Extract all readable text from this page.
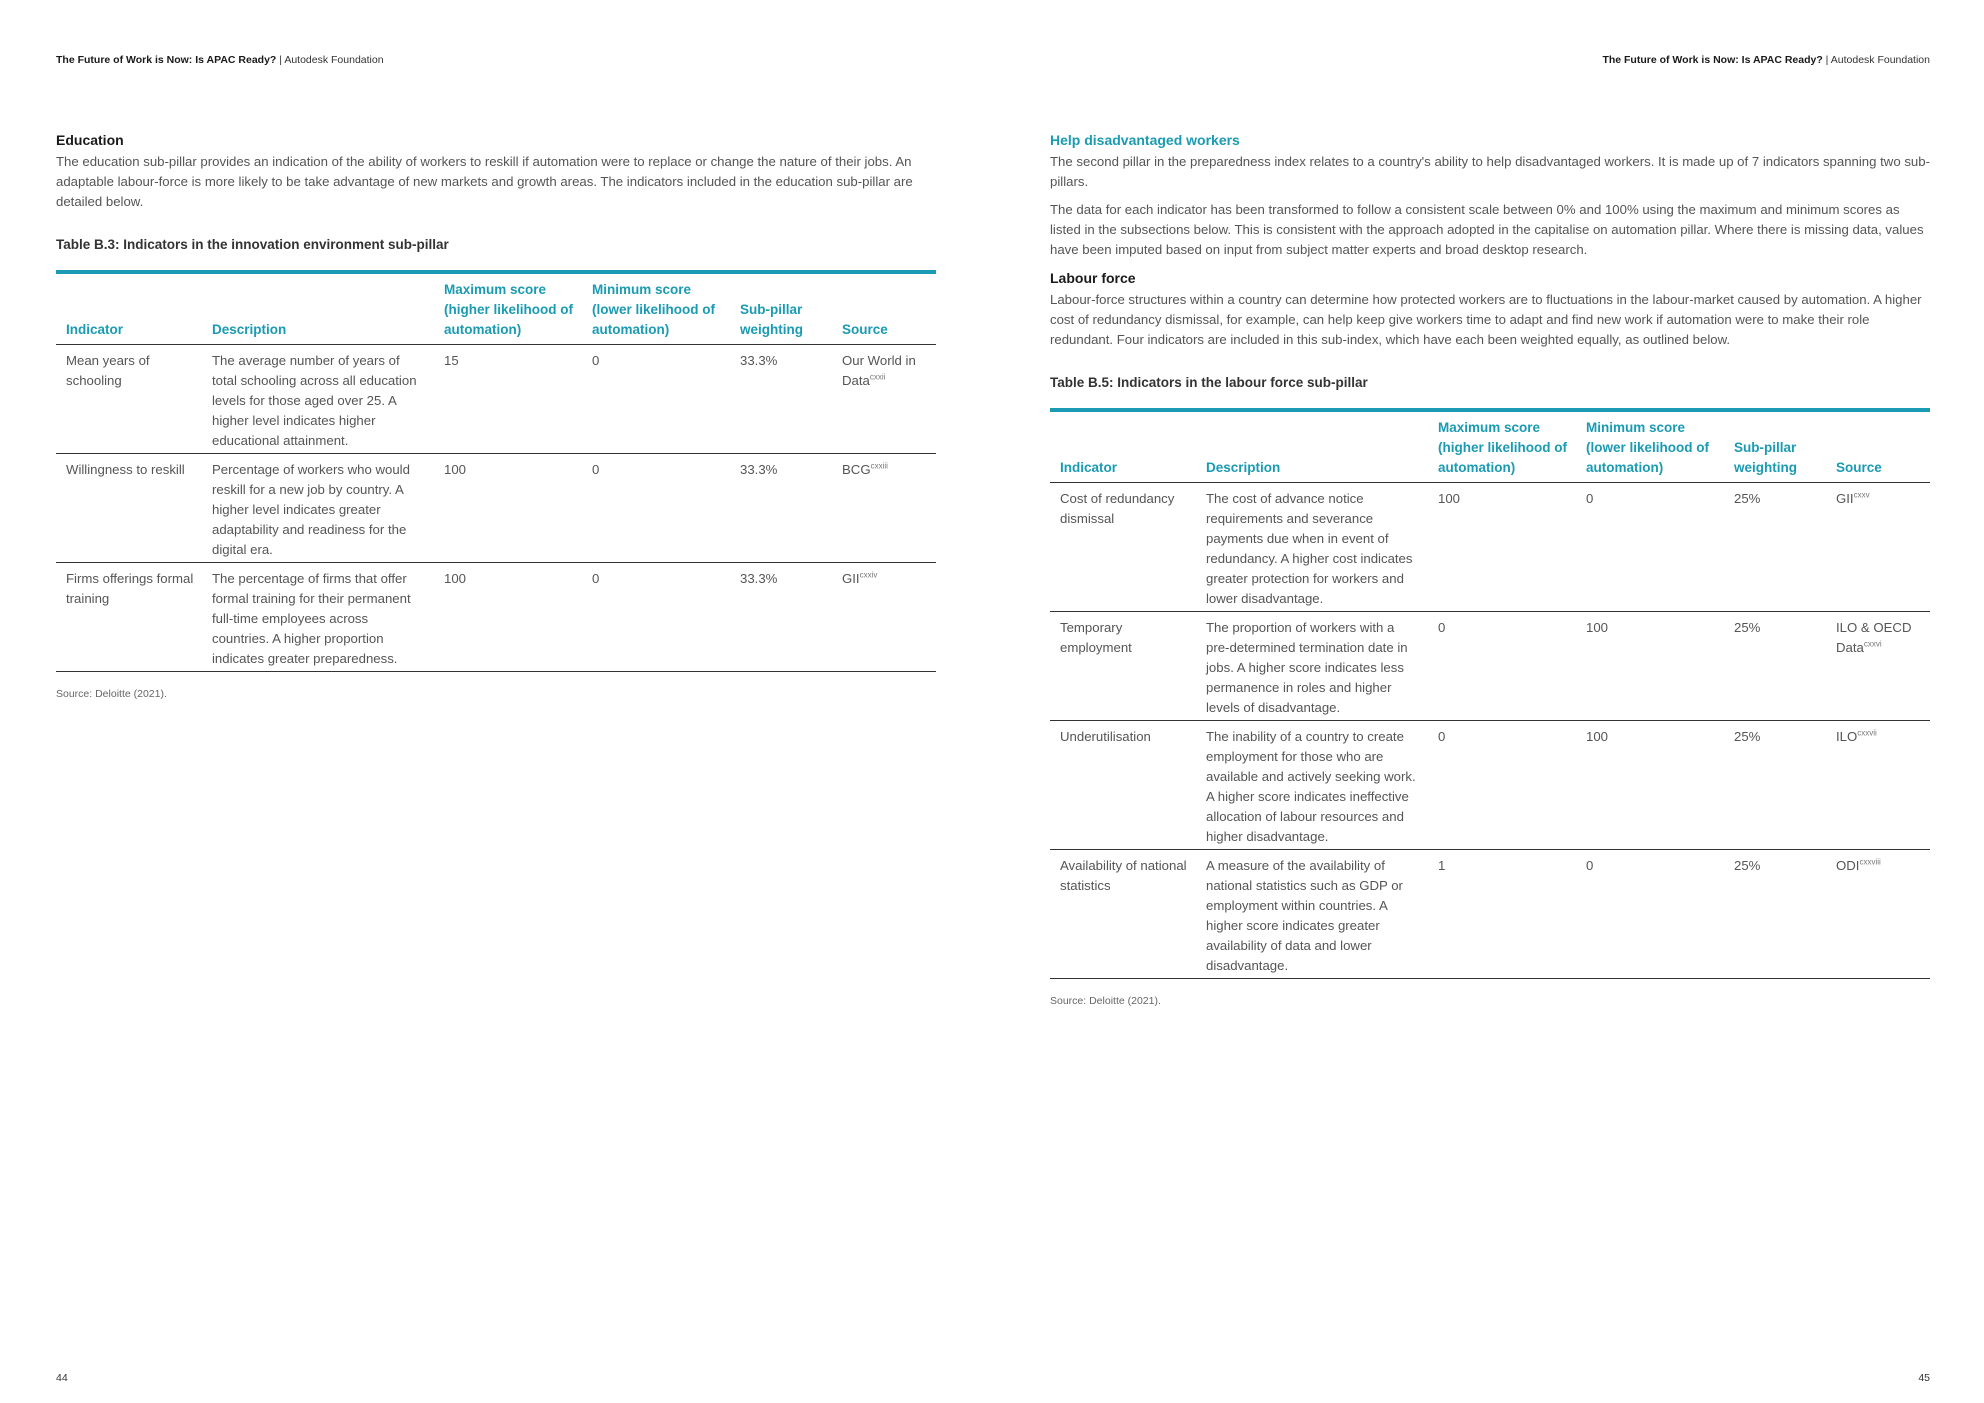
The Future of Work is Now: Is APAC Ready? | Autodesk Foundation
Education

The education sub-pillar provides an indication of the ability of workers to reskill if automation were to replace or change the nature of their jobs. An adaptable labour-force is more likely to be take advantage of new markets and growth areas. The indicators included in the education sub-pillar are detailed below.

Table B.3: Indicators in the innovation environment sub-pillar
Indicator	Description	Maximum score (higher likelihood of automation)	Minimum score (lower likelihood of automation)	Sub-pillar weighting	Source
Mean years of schooling	The average number of years of total schooling across all education levels for those aged over 25. A higher level indicates higher educational attainment.	15	0	33.3%	Our World in Data$^{cxxii}$
Willingness to reskill	Percentage of workers who would reskill for a new job by country. A higher level indicates greater adaptability and readiness for the digital era.	100	0	33.3%	$BCG^{cxxiii}$
Firms offerings formal training	The percentage of firms that offer formal training for their permanent full-time employees across countries. A higher proportion indicates greater preparedness.	100	0	33.3%	$GII^{cxxiv}$
Source: Deloitte (2021).
44
The Future of Work is Now: Is APAC Ready? | Autodesk Foundation
Help disadvantaged workers

The second pillar in the preparedness index relates to a country's ability to help disadvantaged workers. It is made up of 7 indicators spanning two sub-pillars.

The data for each indicator has been transformed to follow a consistent scale between 0% and 100% using the maximum and minimum scores as listed in the subsections below. This is consistent with the approach adopted in the capitalise on automation pillar. Where there is missing data, values have been imputed based on input from subject matter experts and broad desktop research.

Labour force

Labour-force structures within a country can determine how protected workers are to fluctuations in the labour-market caused by automation. A higher cost of redundancy dismissal, for example, can help keep give workers time to adapt and find new work if automation were to make their role redundant. Four indicators are included in this sub-index, which have each been weighted equally, as outlined below.

Table B.5: Indicators in the labour force sub-pillar
Indicator	Description	Maximum score (higher likelihood of automation)	Minimum score (lower likelihood of automation)	Sub-pillar weighting	Source
Cost of redundancy dismissal	The cost of advance notice requirements and severance payments due when in event of redundancy. A higher cost indicates greater protection for workers and lower disadvantage.	100	0	25%	$GII^{cxxv}$
Temporary employment	The proportion of workers with a pre-determined termination date in jobs. A higher score indicates less permanence in roles and higher levels of disadvantage.	0	100	25%	ILO & OECD Data$^{cxxvi}$
Underutilisation	The inability of a country to create employment for those who are available and actively seeking work. A higher score indicates ineffective allocation of labour resources and higher disadvantage.	0	100	25%	$ILO^{cxxvii}$
Availability of national statistics	A measure of the availability of national statistics such as GDP or employment within countries. A higher score indicates greater availability of data and lower disadvantage.	1	0	25%	$ODI^{cxxviii}$
Source: Deloitte (2021).
45
